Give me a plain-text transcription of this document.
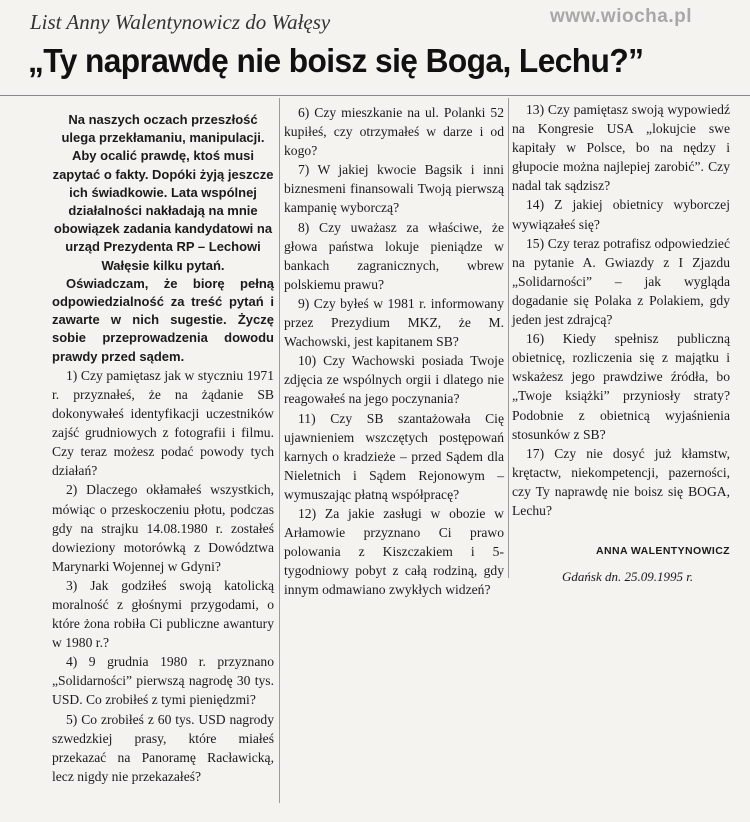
www.wiocha.pl
List Anny Walentynowicz do Wałęsy
„Ty naprawdę nie boisz się Boga, Lechu?”

Na naszych oczach przeszłość ulega przekłamaniu, manipulacji. Aby ocalić prawdę, ktoś musi zapytać o fakty. Dopóki żyją jeszcze ich świadkowie. Lata wspólnej działalności nakładają na mnie obowiązek zadania kandydatowi na urząd Prezydenta RP – Lechowi Wałęsie kilku pytań.

Oświadczam, że biorę pełną odpowiedzialność za treść pytań i zawarte w nich sugestie. Życzę sobie przeprowadzenia dowodu prawdy przed sądem.

1) Czy pamiętasz jak w styczniu 1971 r. przyznałeś, że na żądanie SB dokonywałeś identyfikacji uczestników zajść grudniowych z fotografii i filmu. Czy teraz możesz podać powody tych działań?

2) Dlaczego okłamałeś wszystkich, mówiąc o przeskoczeniu płotu, podczas gdy na strajku 14.08.1980 r. zostałeś dowieziony motorówką z Dowództwa Marynarki Wojennej w Gdyni?

3) Jak godziłeś swoją katolicką moralność z głośnymi przygodami, o które żona robiła Ci publiczne awantury w 1980 r.?

4) 9 grudnia 1980 r. przyznano „Solidarności” pierwszą nagrodę 30 tys. USD. Co zrobiłeś z tymi pieniędzmi?

5) Co zrobiłeś z 60 tys. USD nagrody szwedzkiej prasy, które miałeś przekazać na Panoramę Racławicką, lecz nigdy nie przekazałeś?

6) Czy mieszkanie na ul. Polanki 52 kupiłeś, czy otrzymałeś w darze i od kogo?

7) W jakiej kwocie Bagsik i inni biznesmeni finansowali Twoją pierwszą kampanię wyborczą?

8) Czy uważasz za właściwe, że głowa państwa lokuje pieniądze w bankach zagranicznych, wbrew polskiemu prawu?

9) Czy byłeś w 1981 r. informowany przez Prezydium MKZ, że M. Wachowski, jest kapitanem SB?

10) Czy Wachowski posiada Twoje zdjęcia ze wspólnych orgii i dlatego nie reagowałeś na jego poczynania?

11) Czy SB szantażowała Cię ujawnieniem wszczętych postępowań karnych o kradzieże – przed Sądem dla Nieletnich i Sądem Rejonowym – wymuszając płatną współpracę?

12) Za jakie zasługi w obozie w Arłamowie przyznano Ci prawo polowania z Kiszczakiem i 5-tygodniowy pobyt z całą rodziną, gdy innym odmawiano zwykłych widzeń?

13) Czy pamiętasz swoją wypowiedź na Kongresie USA „lokujcie swe kapitały w Polsce, bo na nędzy i głupocie można najlepiej zarobić”. Czy nadal tak sądzisz?

14) Z jakiej obietnicy wyborczej wywiązałeś się?

15) Czy teraz potrafisz odpowiedzieć na pytanie A. Gwiazdy z I Zjazdu „Solidarności” – jak wygląda dogadanie się Polaka z Polakiem, gdy jeden jest zdrajcą?

16) Kiedy spełnisz publiczną obietnicę, rozliczenia się z majątku i wskażesz jego prawdziwe źródła, bo „Twoje książki” przyniosły straty? Podobnie z obietnicą wyjaśnienia stosunków z SB?

17) Czy nie dosyć już kłamstw, krętactw, niekompetencji, pazerności, czy Ty naprawdę nie boisz się BOGA, Lechu?

ANNA WALENTYNOWICZ
Gdańsk dn. 25.09.1995 r.
